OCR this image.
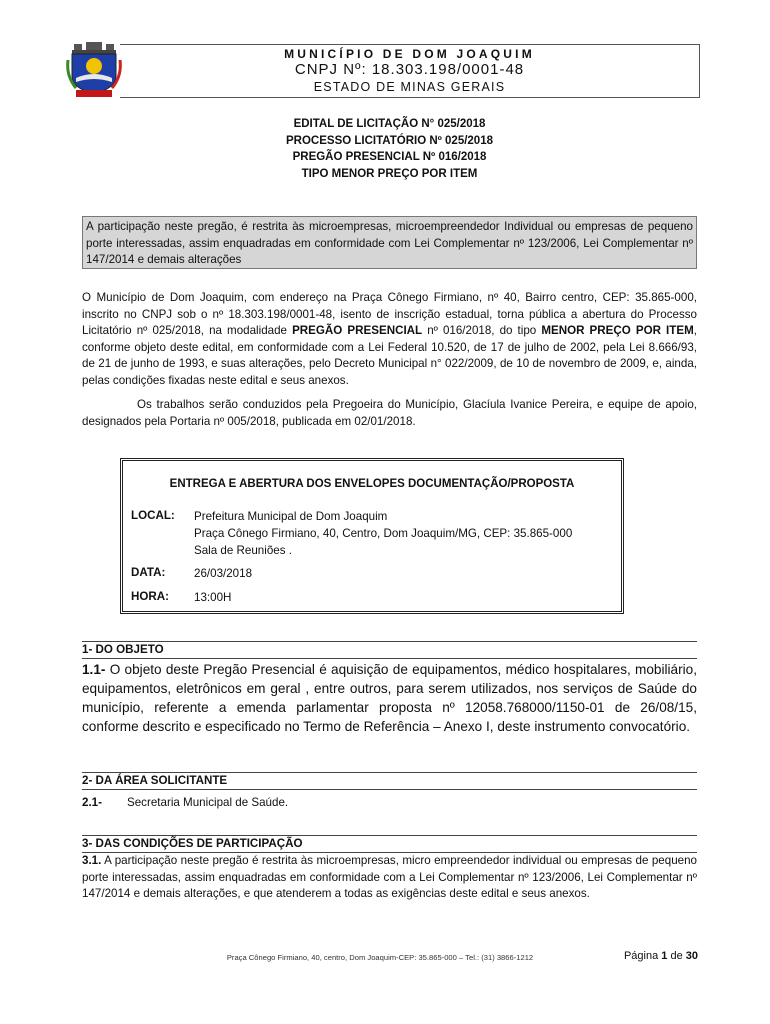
MUNICÍPIO DE DOM JOAQUIM
CNPJ Nº: 18.303.198/0001-48
ESTADO DE MINAS GERAIS
EDITAL DE LICITAÇÃO N° 025/2018
PROCESSO LICITATÓRIO Nº 025/2018
PREGÃO PRESENCIAL Nº 016/2018
TIPO MENOR PREÇO POR ITEM
A participação neste pregão, é restrita às microempresas, microempreendedor Individual ou empresas de pequeno porte interessadas, assim enquadradas em conformidade com Lei Complementar nº 123/2006, Lei Complementar nº 147/2014 e demais alterações
O Município de Dom Joaquim, com endereço na Praça Cônego Firmiano, nº 40, Bairro centro, CEP: 35.865-000, inscrito no CNPJ sob o nº 18.303.198/0001-48, isento de inscrição estadual, torna pública a abertura do Processo Licitatório nº 025/2018, na modalidade PREGÃO PRESENCIAL nº 016/2018, do tipo MENOR PREÇO POR ITEM, conforme objeto deste edital, em conformidade com a Lei Federal 10.520, de 17 de julho de 2002, pela Lei 8.666/93, de 21 de junho de 1993, e suas alterações, pelo Decreto Municipal n° 022/2009, de 10 de novembro de 2009, e, ainda, pelas condições fixadas neste edital e seus anexos.
Os trabalhos serão conduzidos pela Pregoeira do Município, Glacíula Ivanice Pereira, e equipe de apoio, designados pela Portaria nº 005/2018, publicada em 02/01/2018.
ENTREGA E ABERTURA DOS ENVELOPES DOCUMENTAÇÃO/PROPOSTA
LOCAL: Prefeitura Municipal de Dom Joaquim
Praça Cônego Firmiano, 40, Centro, Dom Joaquim/MG, CEP: 35.865-000
Sala de Reuniões .
DATA: 26/03/2018
HORA: 13:00H
1- DO OBJETO
1.1- O objeto deste Pregão Presencial é aquisição de equipamentos, médico hospitalares, mobiliário, equipamentos, eletrônicos em geral , entre outros, para serem utilizados, nos serviços de Saúde do município, referente a emenda parlamentar proposta nº 12058.768000/1150-01 de 26/08/15, conforme descrito e especificado no Termo de Referência – Anexo I, deste instrumento convocatório.
2- DA ÁREA SOLICITANTE
2.1- Secretaria Municipal de Saúde.
3- DAS CONDIÇÕES DE PARTICIPAÇÃO
3.1. A participação neste pregão é restrita às microempresas, micro empreendedor individual ou empresas de pequeno porte interessadas, assim enquadradas em conformidade com a Lei Complementar nº 123/2006, Lei Complementar nº 147/2014 e demais alterações, e que atenderem a todas as exigências deste edital e seus anexos.
Praça Cônego Firmiano, 40, centro, Dom Joaquim-CEP: 35.865-000 – Tel.: (31) 3866-1212	Página 1 de 30
